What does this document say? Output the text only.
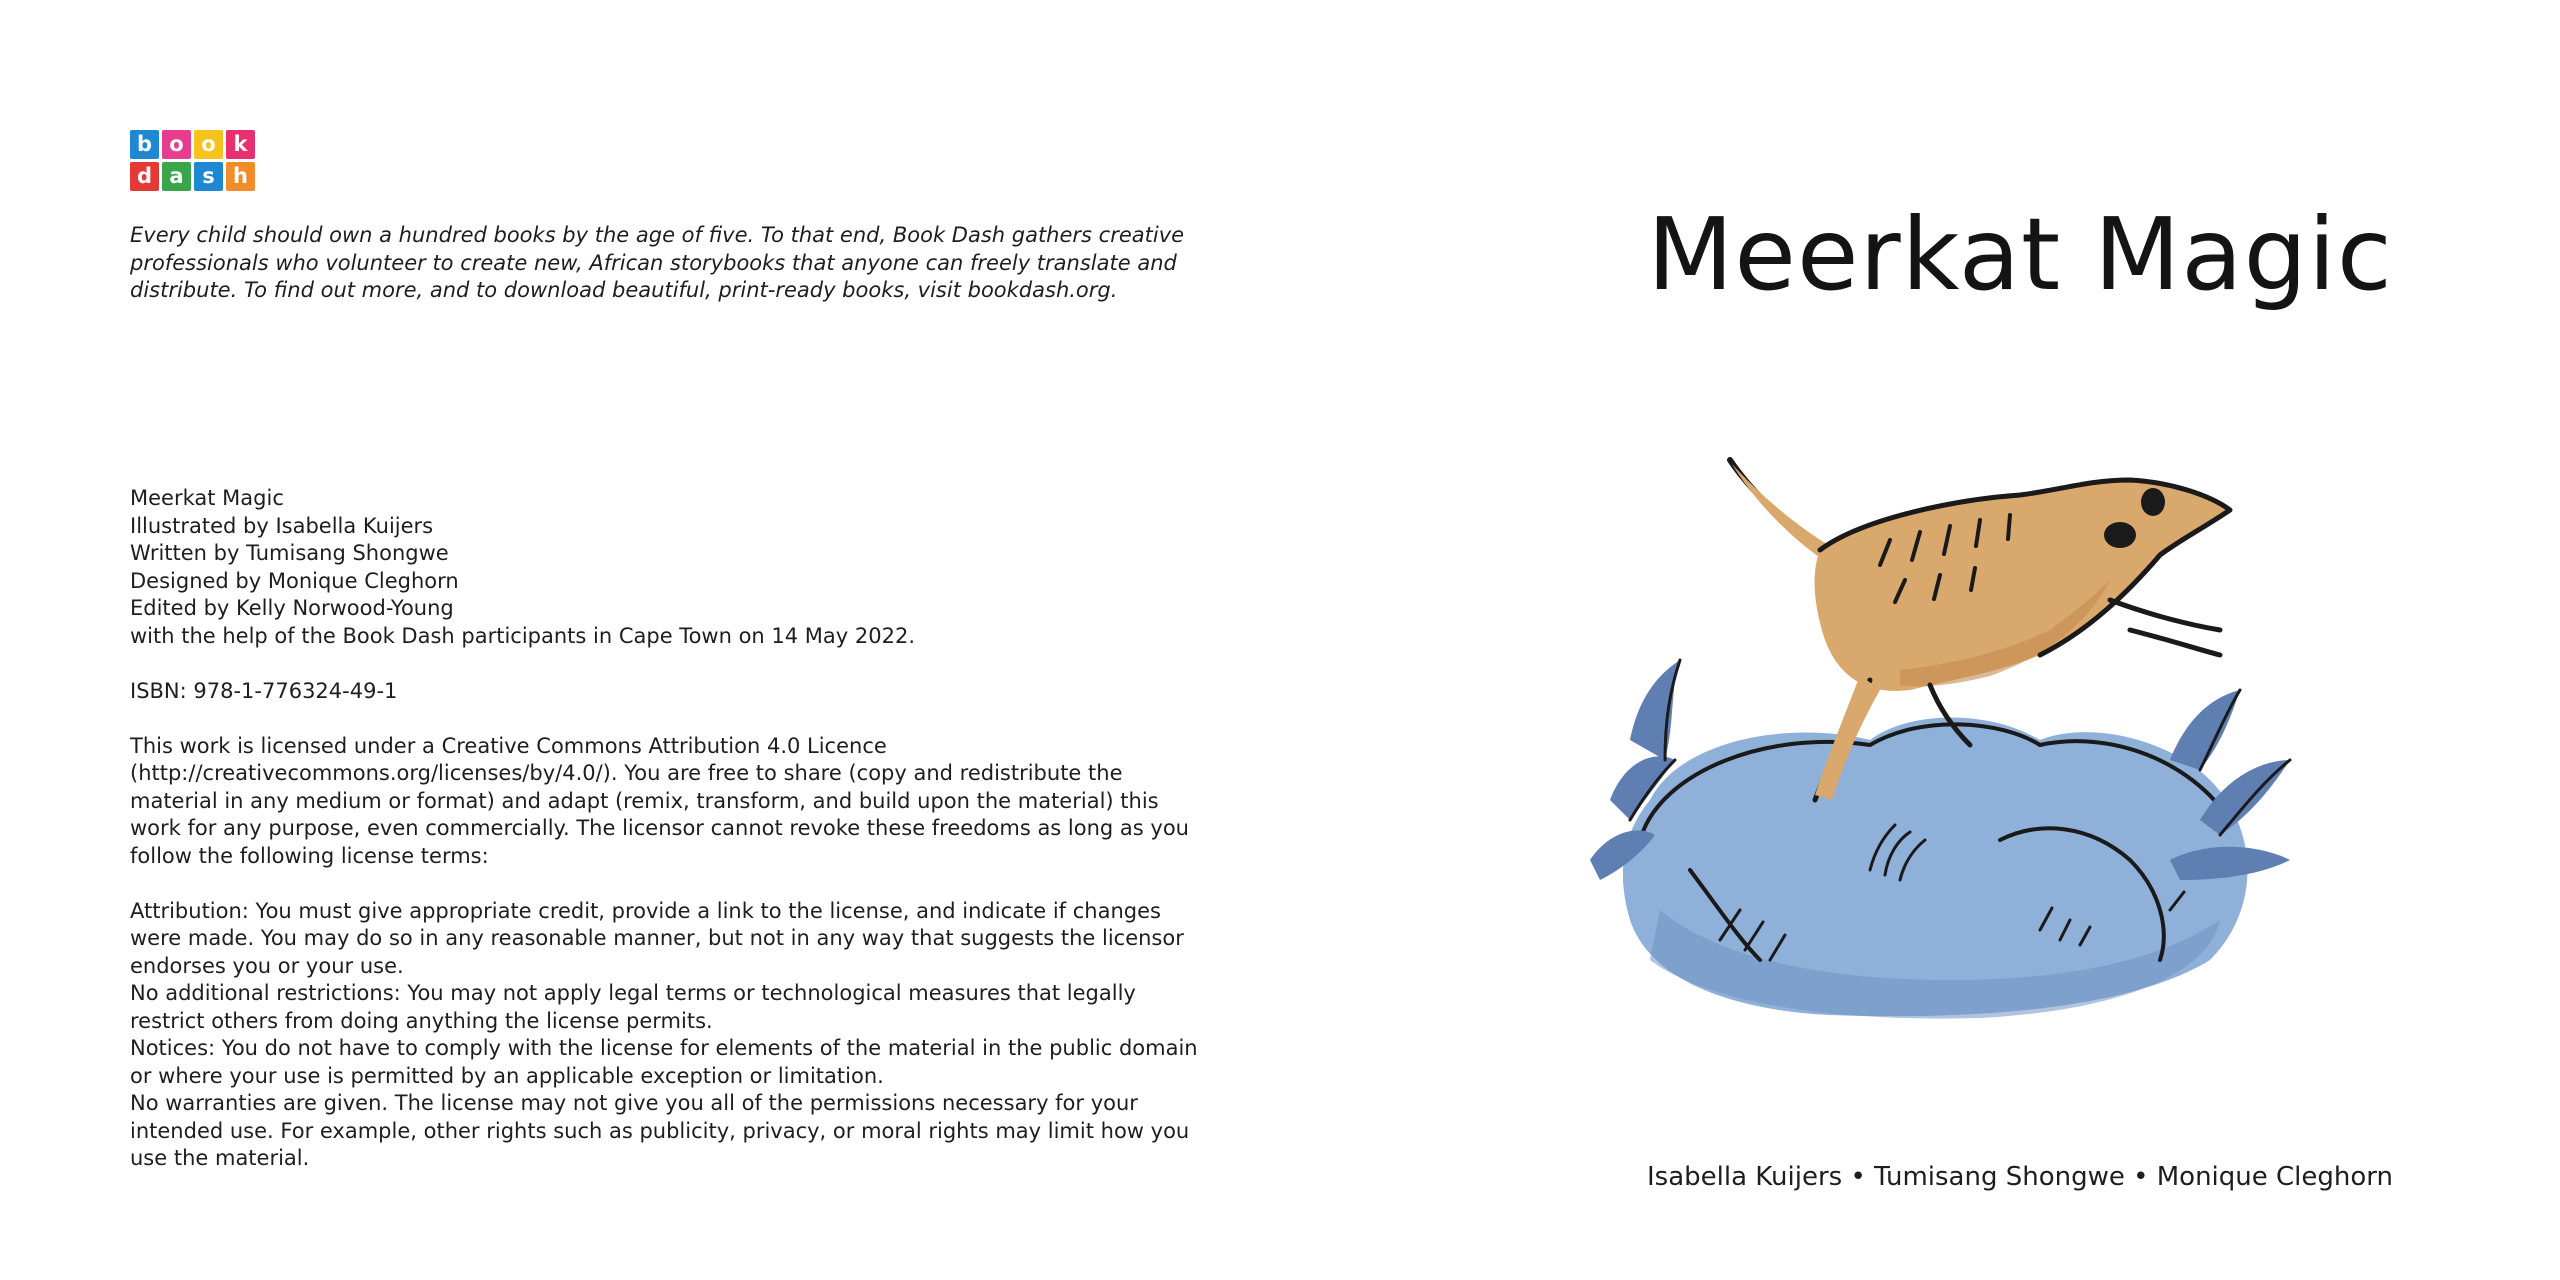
b o o k
d a s h

Every child should own a hundred books by the age of five. To that end, Book Dash gathers creative professionals who volunteer to create new, African storybooks that anyone can freely translate and distribute. To find out more, and to download beautiful, print-ready books, visit bookdash.org.

Meerkat Magic

Illustrated by Isabella Kuijers

Written by Tumisang Shongwe

Designed by Monique Cleghorn

Edited by Kelly Norwood-Young

with the help of the Book Dash participants in Cape Town on 14 May 2022.

ISBN: 978-1-776324-49-1

This work is licensed under a Creative Commons Attribution 4.0 Licence (http://creativecommons.org/licenses/by/4.0/). You are free to share (copy and redistribute the material in any medium or format) and adapt (remix, transform, and build upon the material) this work for any purpose, even commercially. The licensor cannot revoke these freedoms as long as you follow the following license terms:

Attribution: You must give appropriate credit, provide a link to the license, and indicate if changes were made. You may do so in any reasonable manner, but not in any way that suggests the licensor endorses you or your use.

No additional restrictions: You may not apply legal terms or technological measures that legally restrict others from doing anything the license permits.

Notices: You do not have to comply with the license for elements of the material in the public domain or where your use is permitted by an applicable exception or limitation.

No warranties are given. The license may not give you all of the permissions necessary for your intended use. For example, other rights such as publicity, privacy, or moral rights may limit how you use the material.

Meerkat Magic
Isabella Kuijers • Tumisang Shongwe • Monique Cleghorn
